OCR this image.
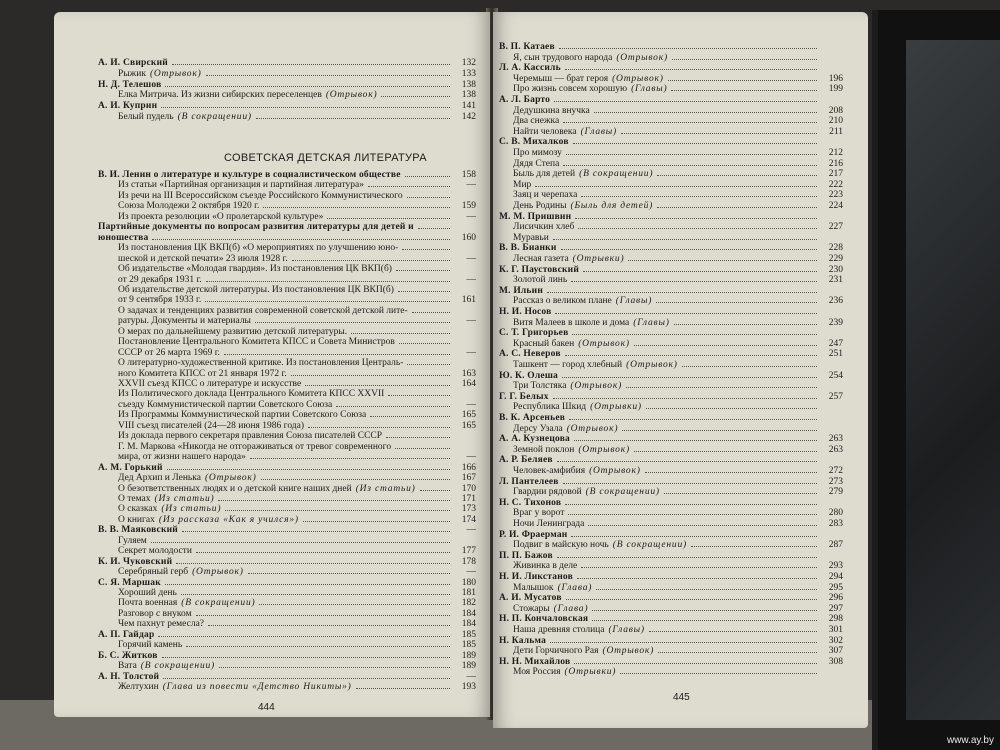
СОВЕТСКАЯ ДЕТСКАЯ ЛИТЕРАТУРА
А. И. Свирский	132
Рыжик (Отрывок)	133
Н. Д. Телешов	138
Елка Митрича. Из жизни сибирских переселенцев (Отрывок)	138
А. И. Куприн	141
Белый пудель (В сокращении)	142
В. И. Ленин о литературе и культуре в социалистическом обществе	158
Из статьи «Партийная организация и партийная литература»	—
Из речи на III Всероссийском съезде Российского Коммунистического
Союза Молодежи 2 октября 1920 г.	159
Из проекта резолюции «О пролетарской культуре»	—
Партийные документы по вопросам развития литературы для детей и
юношества	160
Из постановления ЦК ВКП(б) «О мероприятиях по улучшению юно-
шеской и детской печати» 23 июля 1928 г.	—
Об издательстве «Молодая гвардия». Из постановления ЦК ВКП(б)
от 29 декабря 1931 г.	—
Об издательстве детской литературы. Из постановления ЦК ВКП(б)
от 9 сентября 1933 г.	161
О задачах и тенденциях развития современной советской детской лите-
ратуры. Документы и материалы	—
О мерах по дальнейшему развитию детской литературы.
Постановление Центрального Комитета КПСС и Совета Министров
СССР от 26 марта 1969 г.	—
О литературно-художественной критике. Из постановления Централь-
ного Комитета КПСС от 21 января 1972 г.	163
XXVII съезд КПСС о литературе и искусстве	164
Из Политического доклада Центрального Комитета КПСС XXVII
съезду Коммунистической партии Советского Союза	—
Из Программы Коммунистической партии Советского Союза	165
VIII съезд писателей (24—28 июня 1986 года)	165
Из доклада первого секретаря правления Союза писателей СССР
Г. М. Маркова «Никогда не отгораживаться от тревог современного
мира, от жизни нашего народа»	—
А. М. Горький	166
Дед Архип и Ленька (Отрывок)	167
О безответственных людях и о детской книге наших дней (Из статьи)	170
О темах (Из статьи)	171
О сказках (Из статьи)	173
О книгах (Из рассказа «Как я учился»)	174
В. В. Маяковский	—
Гуляем
Секрет молодости	177
К. И. Чуковский	178
Серебряный герб (Отрывок)	—
С. Я. Маршак	180
Хороший день	181
Почта военная (В сокращении)	182
Разговор с внуком	184
Чем пахнут ремесла?	184
А. П. Гайдар	185
Горячий камень	185
Б. С. Житков	189
Вата (В сокращении)	189
А. Н. Толстой	—
Желтухин (Глава из повести «Детство Никиты»)	193
444
В. П. Катаев
Я, сын трудового народа (Отрывок)
Л. А. Кассиль
Черемыш — брат героя (Отрывок)	196
Про жизнь совсем хорошую (Главы)	199
А. Л. Барто
Дедушкина внучка	208
Два снежка	210
Найти человека (Главы)	211
С. В. Михалков
Про мимозу	212
Дядя Степа	216
Быль для детей (В сокращении)	217
Мир	222
Заяц и черепаха	223
День Родины (Быль для детей)	224
М. М. Пришвин
Лисичкин хлеб	227
Муравьи
В. В. Бианки	228
Лесная газета (Отрывки)	229
К. Г. Паустовский	230
Золотой линь	231
М. Ильин
Рассказ о великом плане (Главы)	236
Н. И. Носов
Витя Малеев в школе и дома (Главы)	239
С. Т. Григорьев
Красный бакен (Отрывок)	247
А. С. Неверов	251
Ташкент — город хлебный (Отрывок)
Ю. К. Олеша	254
Три Толстяка (Отрывок)
Г. Г. Белых	257
Республика Шкид (Отрывки)
В. К. Арсеньев
Дерсу Узала (Отрывок)
А. А. Кузнецова	263
Земной поклон (Отрывок)	263
А. Р. Беляев
Человек-амфибия (Отрывок)	272
Л. Пантелеев	273
Гвардии рядовой (В сокращении)	279
Н. С. Тихонов
Враг у ворот	280
Ночи Ленинграда	283
Р. И. Фраерман
Подвиг в майскую ночь (В сокращении)	287
П. П. Бажов
Живинка в деле	293
Н. И. Ликстанов	294
Малышок (Глава)	295
А. И. Мусатов	296
Стожары (Глава)	297
Н. П. Кончаловская	298
Наша древняя столица (Главы)	301
Н. Кальма	302
Дети Горчичного Рая (Отрывок)	307
Н. Н. Михайлов	308
Моя Россия (Отрывки)
445
www.ay.by
